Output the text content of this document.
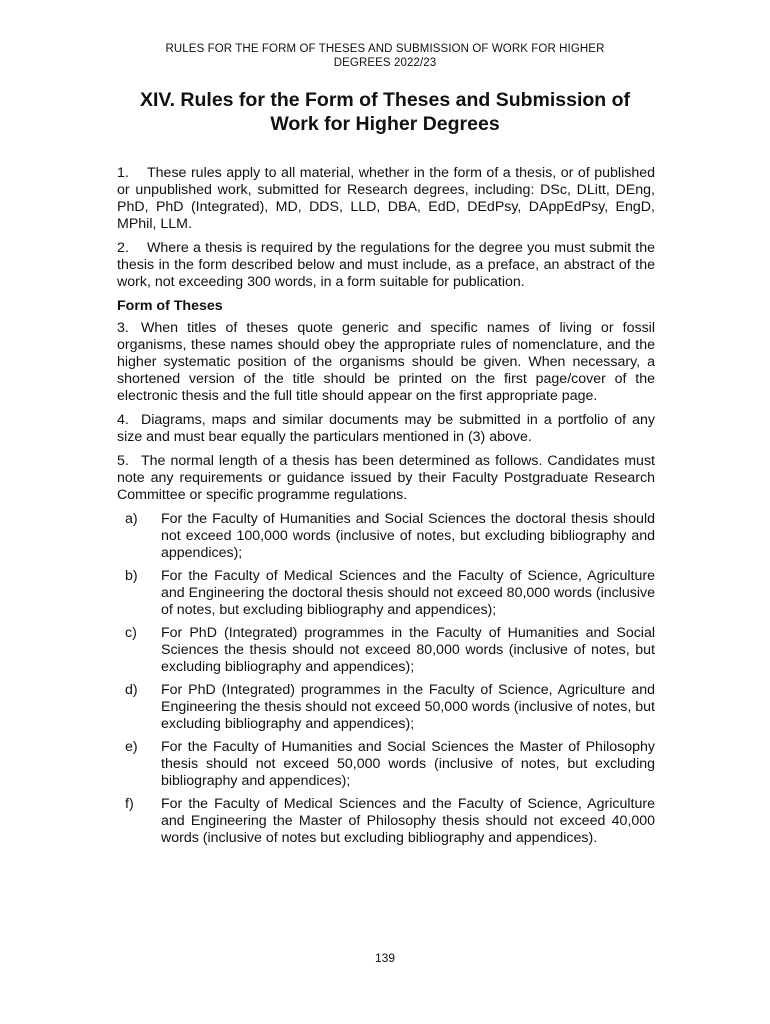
RULES FOR THE FORM OF THESES AND SUBMISSION OF WORK FOR HIGHER
DEGREES 2022/23
XIV. Rules for the Form of Theses and Submission of
Work for Higher Degrees

1. These rules apply to all material, whether in the form of a thesis, or of published or unpublished work, submitted for Research degrees, including: DSc, DLitt, DEng, PhD, PhD (Integrated), MD, DDS, LLD, DBA, EdD, DEdPsy, DAppEdPsy, EngD, MPhil, LLM.

2. Where a thesis is required by the regulations for the degree you must submit the thesis in the form described below and must include, as a preface, an abstract of the work, not exceeding 300 words, in a form suitable for publication.

Form of Theses

3. When titles of theses quote generic and specific names of living or fossil organisms, these names should obey the appropriate rules of nomenclature, and the higher systematic position of the organisms should be given. When necessary, a shortened version of the title should be printed on the first page/cover of the electronic thesis and the full title should appear on the first appropriate page.

4. Diagrams, maps and similar documents may be submitted in a portfolio of any size and must bear equally the particulars mentioned in (3) above.

5. The normal length of a thesis has been determined as follows. Candidates must note any requirements or guidance issued by their Faculty Postgraduate Research Committee or specific programme regulations.

a) For the Faculty of Humanities and Social Sciences the doctoral thesis should not exceed 100,000 words (inclusive of notes, but excluding bibliography and appendices);
b) For the Faculty of Medical Sciences and the Faculty of Science, Agriculture and Engineering the doctoral thesis should not exceed 80,000 words (inclusive of notes, but excluding bibliography and appendices);
c) For PhD (Integrated) programmes in the Faculty of Humanities and Social Sciences the thesis should not exceed 80,000 words (inclusive of notes, but excluding bibliography and appendices);
d) For PhD (Integrated) programmes in the Faculty of Science, Agriculture and Engineering the thesis should not exceed 50,000 words (inclusive of notes, but excluding bibliography and appendices);
e) For the Faculty of Humanities and Social Sciences the Master of Philosophy thesis should not exceed 50,000 words (inclusive of notes, but excluding bibliography and appendices);
f) For the Faculty of Medical Sciences and the Faculty of Science, Agriculture and Engineering the Master of Philosophy thesis should not exceed 40,000 words (inclusive of notes but excluding bibliography and appendices).
139
